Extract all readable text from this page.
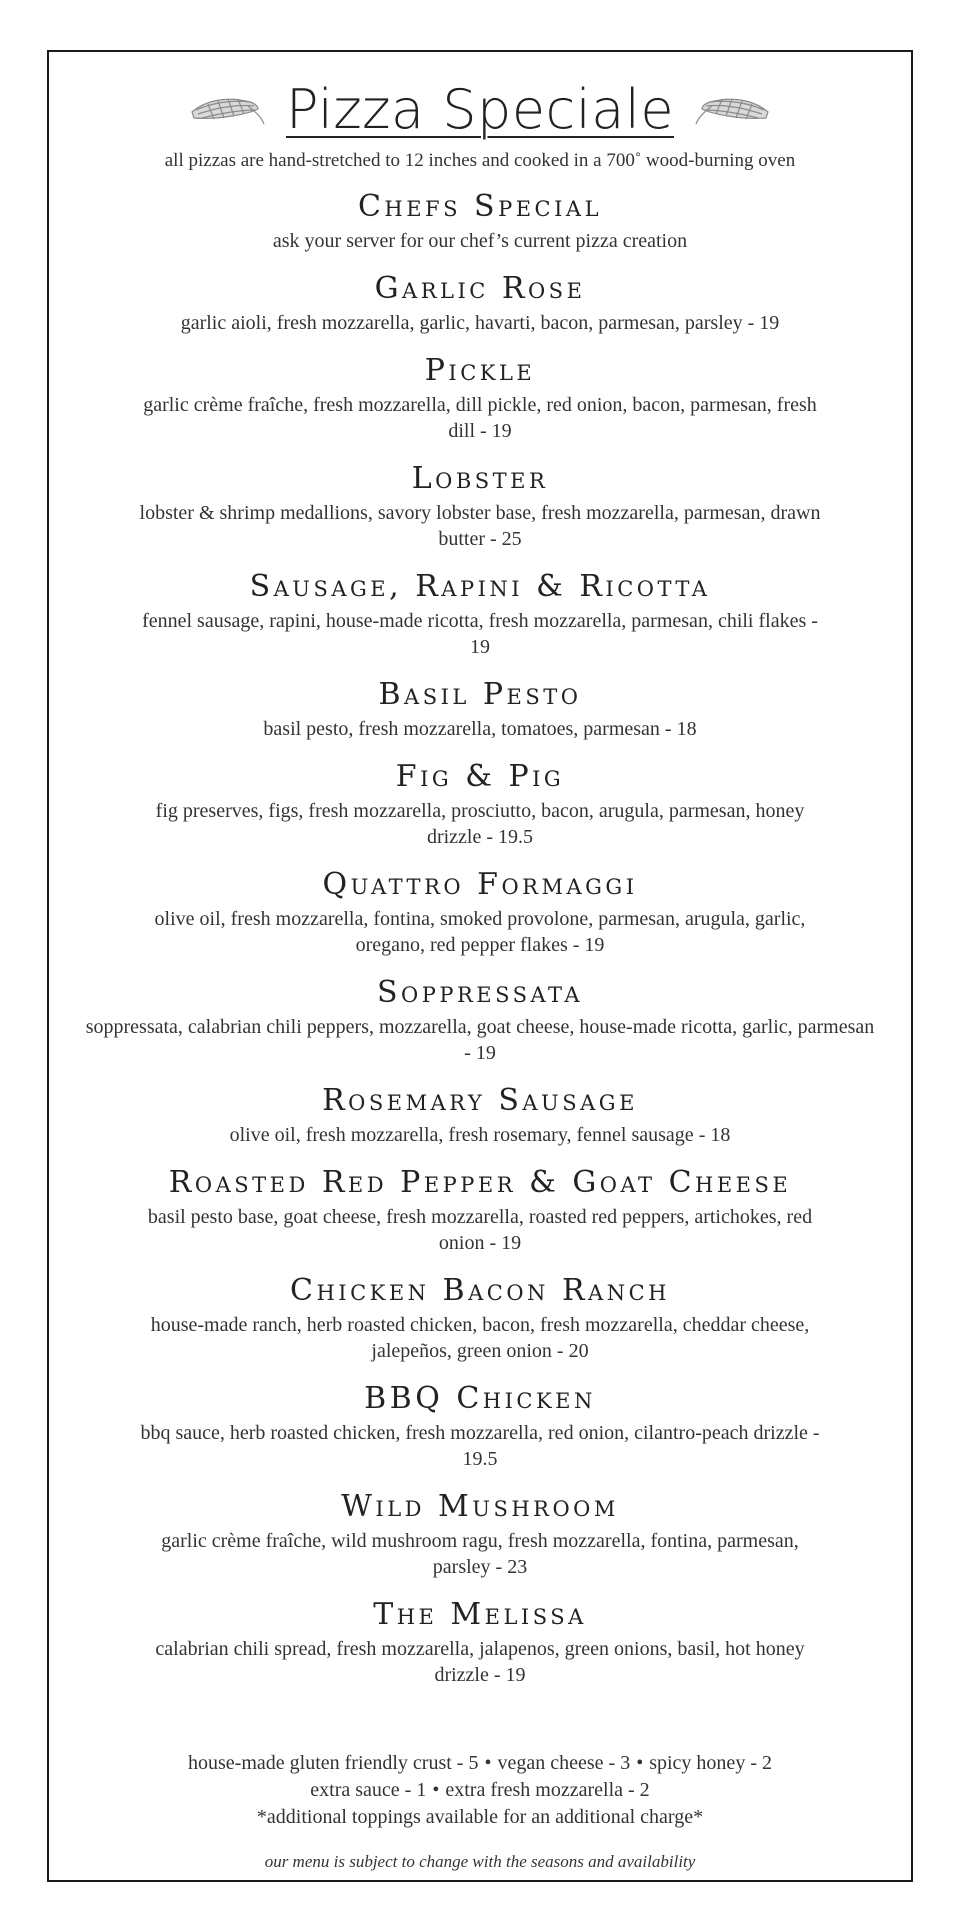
Pizza Speciale
all pizzas are hand-stretched to 12 inches and cooked in a 700˚ wood-burning oven
Chefs Special
ask your server for our chef’s current pizza creation
Garlic Rose
garlic aioli, fresh mozzarella, garlic, havarti, bacon, parmesan, parsley - 19
Pickle
garlic crème fraîche, fresh mozzarella, dill pickle, red onion, bacon, parmesan, fresh dill - 19
Lobster
lobster & shrimp medallions, savory lobster base, fresh mozzarella, parmesan, drawn butter - 25
Sausage, Rapini & Ricotta
fennel sausage, rapini, house-made ricotta, fresh mozzarella, parmesan, chili flakes - 19
Basil Pesto
basil pesto, fresh mozzarella, tomatoes, parmesan - 18
Fig & Pig
fig preserves, figs, fresh mozzarella, prosciutto, bacon, arugula, parmesan, honey drizzle - 19.5
Quattro Formaggi
olive oil, fresh mozzarella, fontina, smoked provolone, parmesan, arugula, garlic, oregano, red pepper flakes - 19
Soppressata
soppressata, calabrian chili peppers, mozzarella, goat cheese, house-made ricotta, garlic, parmesan - 19
Rosemary Sausage
olive oil, fresh mozzarella, fresh rosemary, fennel sausage - 18
Roasted Red Pepper & Goat Cheese
basil pesto base, goat cheese, fresh mozzarella, roasted red peppers, artichokes, red onion - 19
Chicken Bacon Ranch
house-made ranch, herb roasted chicken, bacon, fresh mozzarella, cheddar cheese, jalepeños, green onion - 20
BBQ Chicken
bbq sauce, herb roasted chicken, fresh mozzarella, red onion, cilantro-peach drizzle - 19.5
Wild Mushroom
garlic crème fraîche, wild mushroom ragu, fresh mozzarella, fontina, parmesan, parsley - 23
The Melissa
calabrian chili spread, fresh mozzarella, jalapenos, green onions, basil, hot honey drizzle - 19
house-made gluten friendly crust - 5 • vegan cheese - 3 • spicy honey - 2
extra sauce - 1 • extra fresh mozzarella - 2
*additional toppings available for an additional charge*
our menu is subject to change with the seasons and availability
